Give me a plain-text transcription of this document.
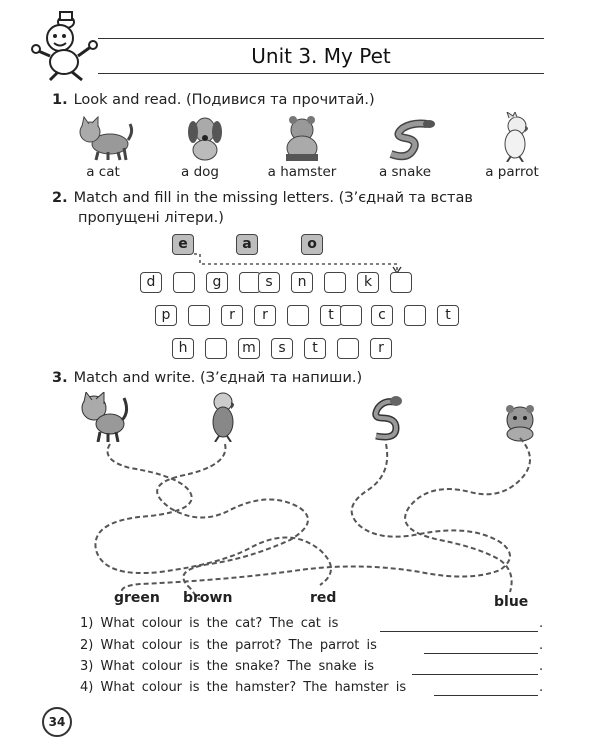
Unit 3. My Pet
1. Look and read. (Подивися та прочитай.)
a cat	a dog	a hamster	a snake	a parrot
2. Match and fill in the missing letters. (З’єднай та встав
пропущені літери.)
e	a	o
d	g	s	n	k
p	r	r	t	c	t
h	m	s	t	r
3. Match and write. (З’єднай та напиши.)
green brown	red	blue
1) What colour is the cat? The cat is	.
2) What colour is the parrot? The parrot is	.
3) What colour is the snake? The snake is	.
4) What colour is the hamster? The hamster is	.
34
